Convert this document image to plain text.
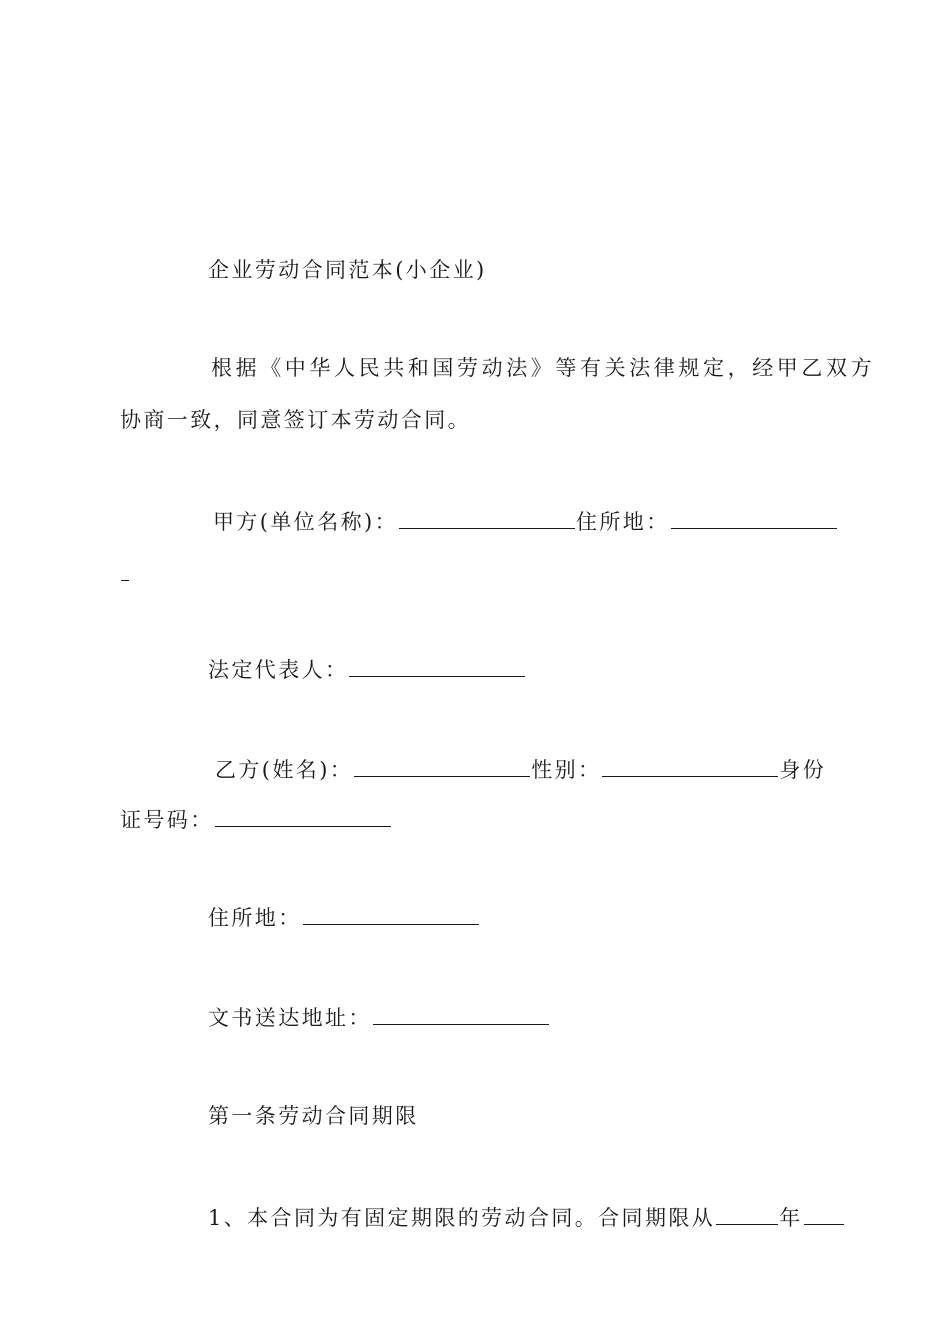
企业劳动合同范本(小企业)
根据《中华人民共和国劳动法》等有关法律规定，经甲乙双方
协商一致，同意签订本劳动合同。
甲方(单位名称)：	住所地：
法定代表人：
乙方(姓名)：	性别：	身份
证号码：
住所地：
文书送达地址：
第一条劳动合同期限
1、本合同为有固定期限的劳动合同。合同期限从	年
